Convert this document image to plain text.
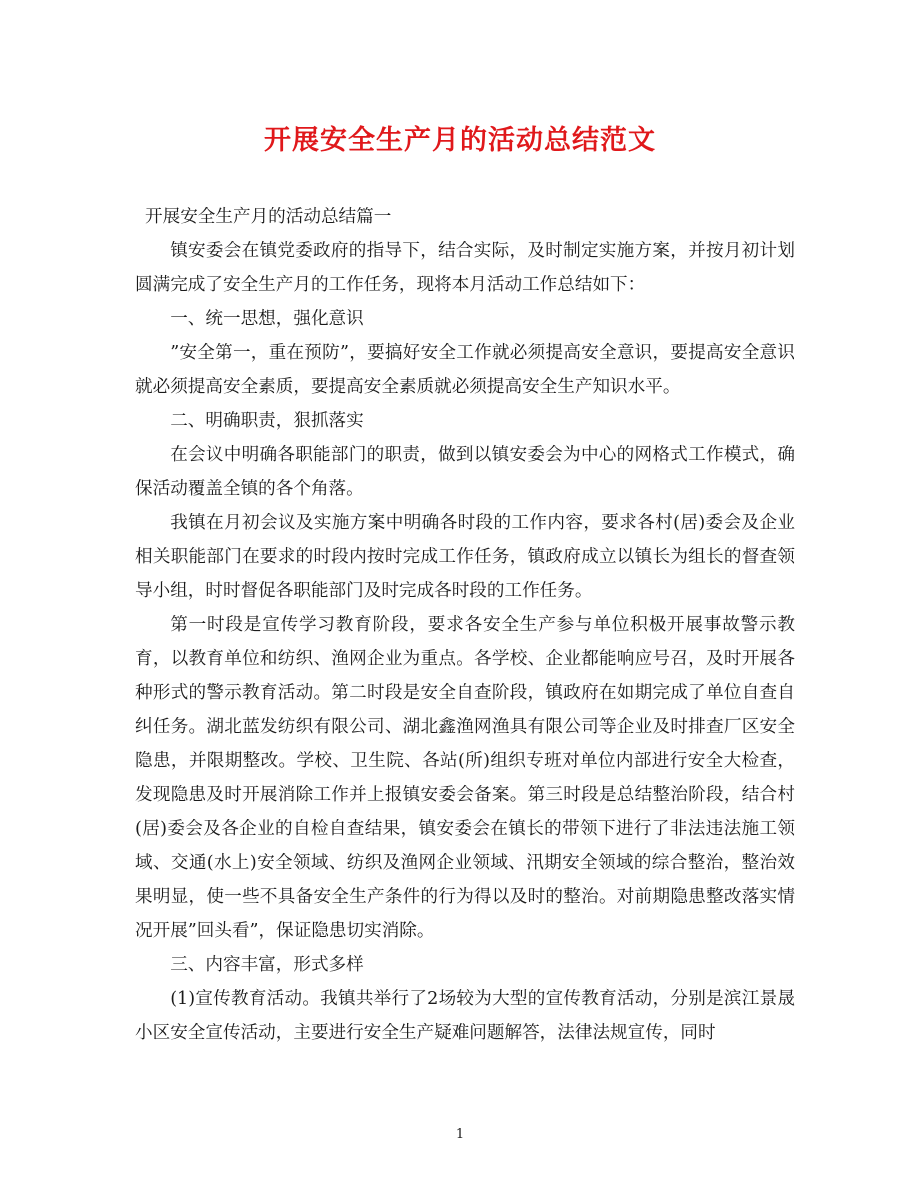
开展安全生产月的活动总结范文

开展安全生产月的活动总结篇一

镇安委会在镇党委政府的指导下，结合实际，及时制定实施方案，并按月初计划圆满完成了安全生产月的工作任务，现将本月活动工作总结如下：

一、统一思想，强化意识

”安全第一，重在预防”，要搞好安全工作就必须提高安全意识，要提高安全意识就必须提高安全素质，要提高安全素质就必须提高安全生产知识水平。

二、明确职责，狠抓落实

在会议中明确各职能部门的职责，做到以镇安委会为中心的网格式工作模式，确保活动覆盖全镇的各个角落。

我镇在月初会议及实施方案中明确各时段的工作内容，要求各村(居)委会及企业相关职能部门在要求的时段内按时完成工作任务，镇政府成立以镇长为组长的督查领导小组，时时督促各职能部门及时完成各时段的工作任务。

第一时段是宣传学习教育阶段，要求各安全生产参与单位积极开展事故警示教育，以教育单位和纺织、渔网企业为重点。各学校、企业都能响应号召，及时开展各种形式的警示教育活动。第二时段是安全自查阶段，镇政府在如期完成了单位自查自纠任务。湖北蓝发纺织有限公司、湖北鑫渔网渔具有限公司等企业及时排查厂区安全隐患，并限期整改。学校、卫生院、各站(所)组织专班对单位内部进行安全大检查，发现隐患及时开展消除工作并上报镇安委会备案。第三时段是总结整治阶段，结合村(居)委会及各企业的自检自查结果，镇安委会在镇长的带领下进行了非法违法施工领域、交通(水上)安全领域、纺织及渔网企业领域、汛期安全领域的综合整治，整治效果明显，使一些不具备安全生产条件的行为得以及时的整治。对前期隐患整改落实情况开展”回头看”，保证隐患切实消除。

三、内容丰富，形式多样

(1)宣传教育活动。我镇共举行了2场较为大型的宣传教育活动，分别是滨江景晟小区安全宣传活动，主要进行安全生产疑难问题解答，法律法规宣传，同时

1
